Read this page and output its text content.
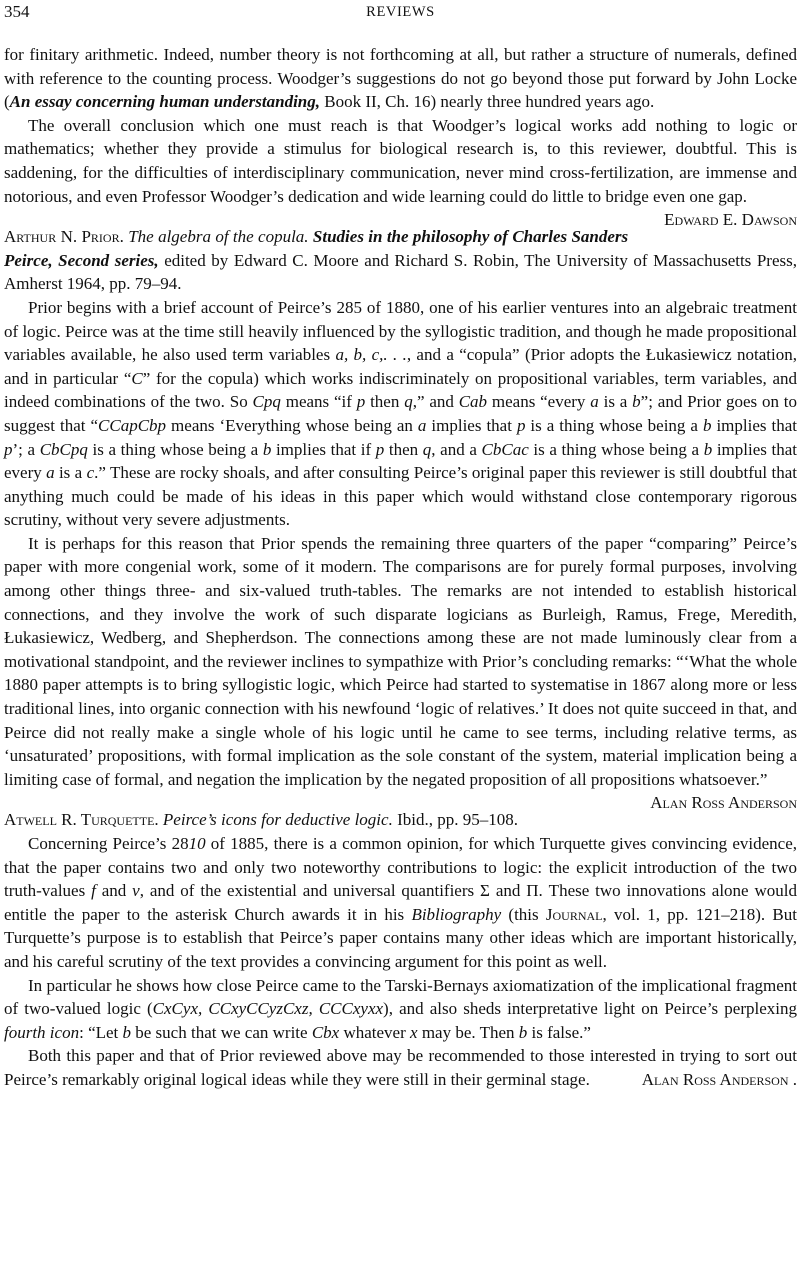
354	REVIEWS

for finitary arithmetic. Indeed, number theory is not forthcoming at all, but rather a structure of numerals, defined with reference to the counting process. Woodger’s suggestions do not go beyond those put forward by John Locke (An essay concerning human understanding, Book II, Ch. 16) nearly three hundred years ago.

The overall conclusion which one must reach is that Woodger’s logical works add nothing to logic or mathematics; whether they provide a stimulus for biological research is, to this reviewer, doubtful. This is saddening, for the difficulties of interdisciplinary communication, never mind cross-fertilization, are immense and notorious, and even Professor Woodger’s dedication and wide learning could do little to bridge even one gap.
Edward E. Dawson

Arthur N. Prior. The algebra of the copula. Studies in the philosophy of Charles Sanders Peirce, Second series, edited by Edward C. Moore and Richard S. Robin, The University of Massachusetts Press, Amherst 1964, pp. 79–94.

Prior begins with a brief account of Peirce’s 285 of 1880, one of his earlier ventures into an algebraic treatment of logic. Peirce was at the time still heavily influenced by the syllogistic tradition, and though he made propositional variables available, he also used term variables a, b, c,. . ., and a “copula” (Prior adopts the Łukasiewicz notation, and in particular “C” for the copula) which works indiscriminately on propositional variables, term variables, and indeed combinations of the two. So Cpq means “if p then q,” and Cab means “every a is a b”; and Prior goes on to suggest that “CCapCbp means ‘Everything whose being an a implies that p is a thing whose being a b implies that p’; a CbCpq is a thing whose being a b implies that if p then q, and a CbCac is a thing whose being a b implies that every a is a c.” These are rocky shoals, and after consulting Peirce’s original paper this reviewer is still doubtful that anything much could be made of his ideas in this paper which would withstand close contemporary rigorous scrutiny, without very severe adjustments.

It is perhaps for this reason that Prior spends the remaining three quarters of the paper “comparing” Peirce’s paper with more congenial work, some of it modern. The comparisons are for purely formal purposes, involving among other things three- and six-valued truth-tables. The remarks are not intended to establish historical connections, and they involve the work of such disparate logicians as Burleigh, Ramus, Frege, Meredith, Łukasiewicz, Wedberg, and Shepherdson. The connections among these are not made luminously clear from a motivational standpoint, and the reviewer inclines to sympathize with Prior’s concluding remarks: “‘What the whole 1880 paper attempts is to bring syllogistic logic, which Peirce had started to systematise in 1867 along more or less traditional lines, into organic connection with his newfound ‘logic of relatives.’ It does not quite succeed in that, and Peirce did not really make a single whole of his logic until he came to see terms, including relative terms, as ‘unsaturated’ propositions, with formal implication as the sole constant of the system, material implication being a limiting case of formal, and negation the implication by the negated proposition of all propositions whatsoever.”
Alan Ross Anderson

Atwell R. Turquette. Peirce’s icons for deductive logic. Ibid., pp. 95–108.

Concerning Peirce’s 2810 of 1885, there is a common opinion, for which Turquette gives convincing evidence, that the paper contains two and only two noteworthy contributions to logic: the explicit introduction of the two truth-values f and v, and of the existential and universal quantifiers Σ and Π. These two innovations alone would entitle the paper to the asterisk Church awards it in his Bibliography (this Journal, vol. 1, pp. 121–218). But Turquette’s purpose is to establish that Peirce’s paper contains many other ideas which are important historically, and his careful scrutiny of the text provides a convincing argument for this point as well.

In particular he shows how close Peirce came to the Tarski-Bernays axiomatization of the implicational fragment of two-valued logic (CxCyx, CCxyCCyzCxz, CCCxyxx), and also sheds interpretative light on Peirce’s perplexing fourth icon: “Let b be such that we can write Cbx whatever x may be. Then b is false.”

Both this paper and that of Prior reviewed above may be recommended to those interested in trying to sort out Peirce’s remarkably original logical ideas while they were still in their germinal stage.	Alan Ross Anderson .
